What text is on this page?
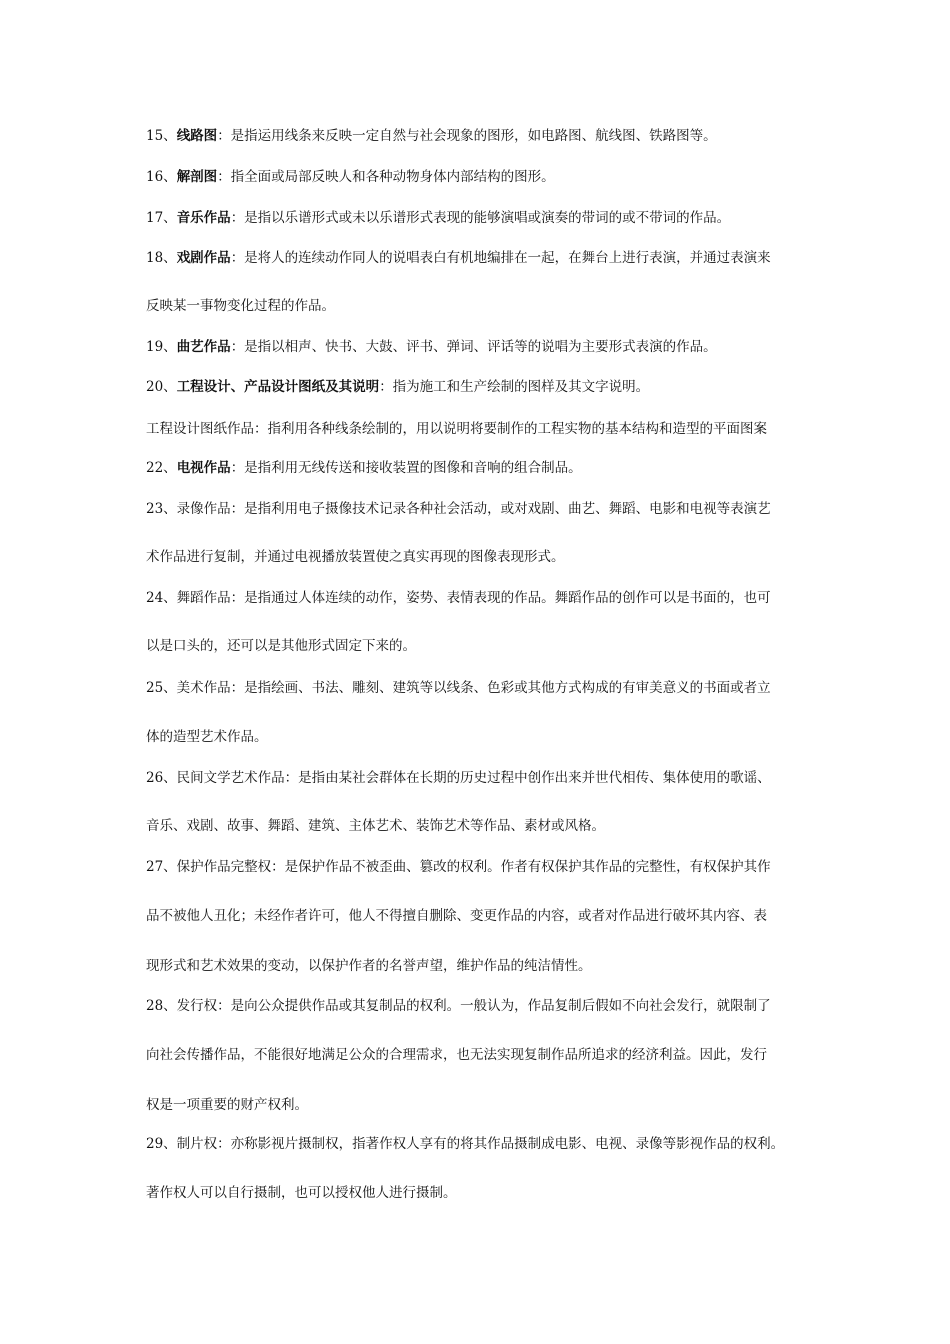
15、线路图：是指运用线条来反映一定自然与社会现象的图形，如电路图、航线图、铁路图等。
16、解剖图：指全面或局部反映人和各种动物身体内部结构的图形。
17、音乐作品：是指以乐谱形式或未以乐谱形式表现的能够演唱或演奏的带词的或不带词的作品。
18、戏剧作品：是将人的连续动作同人的说唱表白有机地编排在一起，在舞台上进行表演，并通过表演来
反映某一事物变化过程的作品。
19、曲艺作品：是指以相声、快书、大鼓、评书、弹词、评话等的说唱为主要形式表演的作品。
20、工程设计、产品设计图纸及其说明：指为施工和生产绘制的图样及其文字说明。
工程设计图纸作品：指利用各种线条绘制的，用以说明将要制作的工程实物的基本结构和造型的平面图案
22、电视作品：是指利用无线传送和接收装置的图像和音响的组合制品。
23、录像作品：是指利用电子摄像技术记录各种社会活动，或对戏剧、曲艺、舞蹈、电影和电视等表演艺
术作品进行复制，并通过电视播放装置使之真实再现的图像表现形式。
24、舞蹈作品：是指通过人体连续的动作，姿势、表情表现的作品。舞蹈作品的创作可以是书面的，也可
以是口头的，还可以是其他形式固定下来的。
25、美术作品：是指绘画、书法、雕刻、建筑等以线条、色彩或其他方式构成的有审美意义的书面或者立
体的造型艺术作品。
26、民间文学艺术作品：是指由某社会群体在长期的历史过程中创作出来并世代相传、集体使用的歌谣、
音乐、戏剧、故事、舞蹈、建筑、主体艺术、装饰艺术等作品、素材或风格。
27、保护作品完整权：是保护作品不被歪曲、篡改的权利。作者有权保护其作品的完整性，有权保护其作
品不被他人丑化；未经作者许可，他人不得擅自删除、变更作品的内容，或者对作品进行破坏其内容、表
现形式和艺术效果的变动，以保护作者的名誉声望，维护作品的纯洁情性。
28、发行权：是向公众提供作品或其复制品的权利。一般认为，作品复制后假如不向社会发行，就限制了
向社会传播作品，不能很好地满足公众的合理需求，也无法实现复制作品所追求的经济利益。因此，发行
权是一项重要的财产权利。
29、制片权：亦称影视片摄制权，指著作权人享有的将其作品摄制成电影、电视、录像等影视作品的权利。
著作权人可以自行摄制，也可以授权他人进行摄制。
